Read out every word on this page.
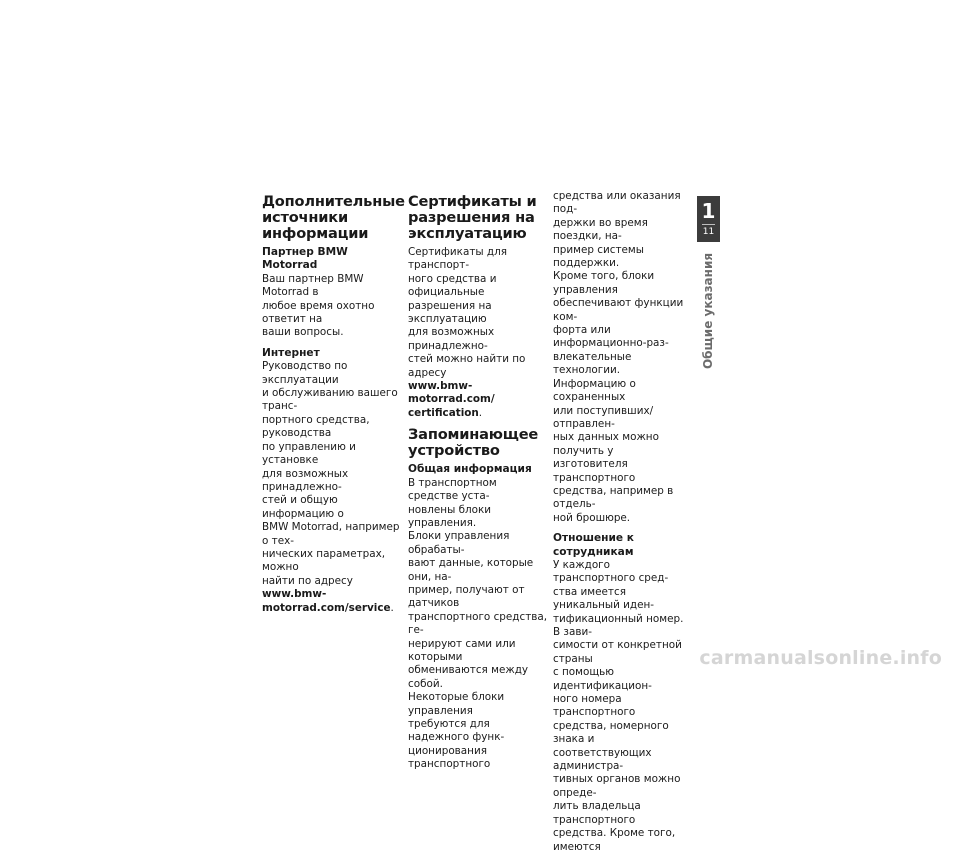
Дополнительные
источники
информации
Партнер BMW Motorrad

Ваш партнер BMW Motorrad в
любое время охотно ответит на
ваши вопросы.

Интернет

Руководство по эксплуатации
и обслуживанию вашего транс-
портного средства, руководства
по управлению и установке
для возможных принадлежно-
стей и общую информацию о
BMW Motorrad, например о тех-
нических параметрах, можно
найти по адресу www.bmw-
motorrad.com/service.

Сертификаты и
разрешения на
эксплуатацию

Сертификаты для транспорт-
ного средства и официальные
разрешения на эксплуатацию
для возможных принадлежно-
стей можно найти по адресу
www.bmw-motorrad.com/
certification.

Запоминающее
устройство
Общая информация

В транспортном средстве уста-
новлены блоки управления.
Блоки управления обрабаты-
вают данные, которые они, на-
пример, получают от датчиков
транспортного средства, ге-
нерируют сами или которыми
обмениваются между собой.
Некоторые блоки управления
требуются для надежного функ-
ционирования транспортного

средства или оказания под-
держки во время поездки, на-
пример системы поддержки.
Кроме того, блоки управления
обеспечивают функции ком-
форта или информационно-раз-
влекательные технологии.
Информацию о сохраненных
или поступивших/отправлен-
ных данных можно получить у
изготовителя транспортного
средства, например в отдель-
ной брошюре.

Отношение к сотрудникам

У каждого транспортного сред-
ства имеется уникальный иден-
тификационный номер. В зави-
симости от конкретной страны
с помощью идентификацион-
ного номера транспортного
средства, номерного знака и
соответствующих администра-
тивных органов можно опреде-
лить владельца транспортного
средства. Кроме того, имеются

1
11
Общие указания
carmanualsonline.info
